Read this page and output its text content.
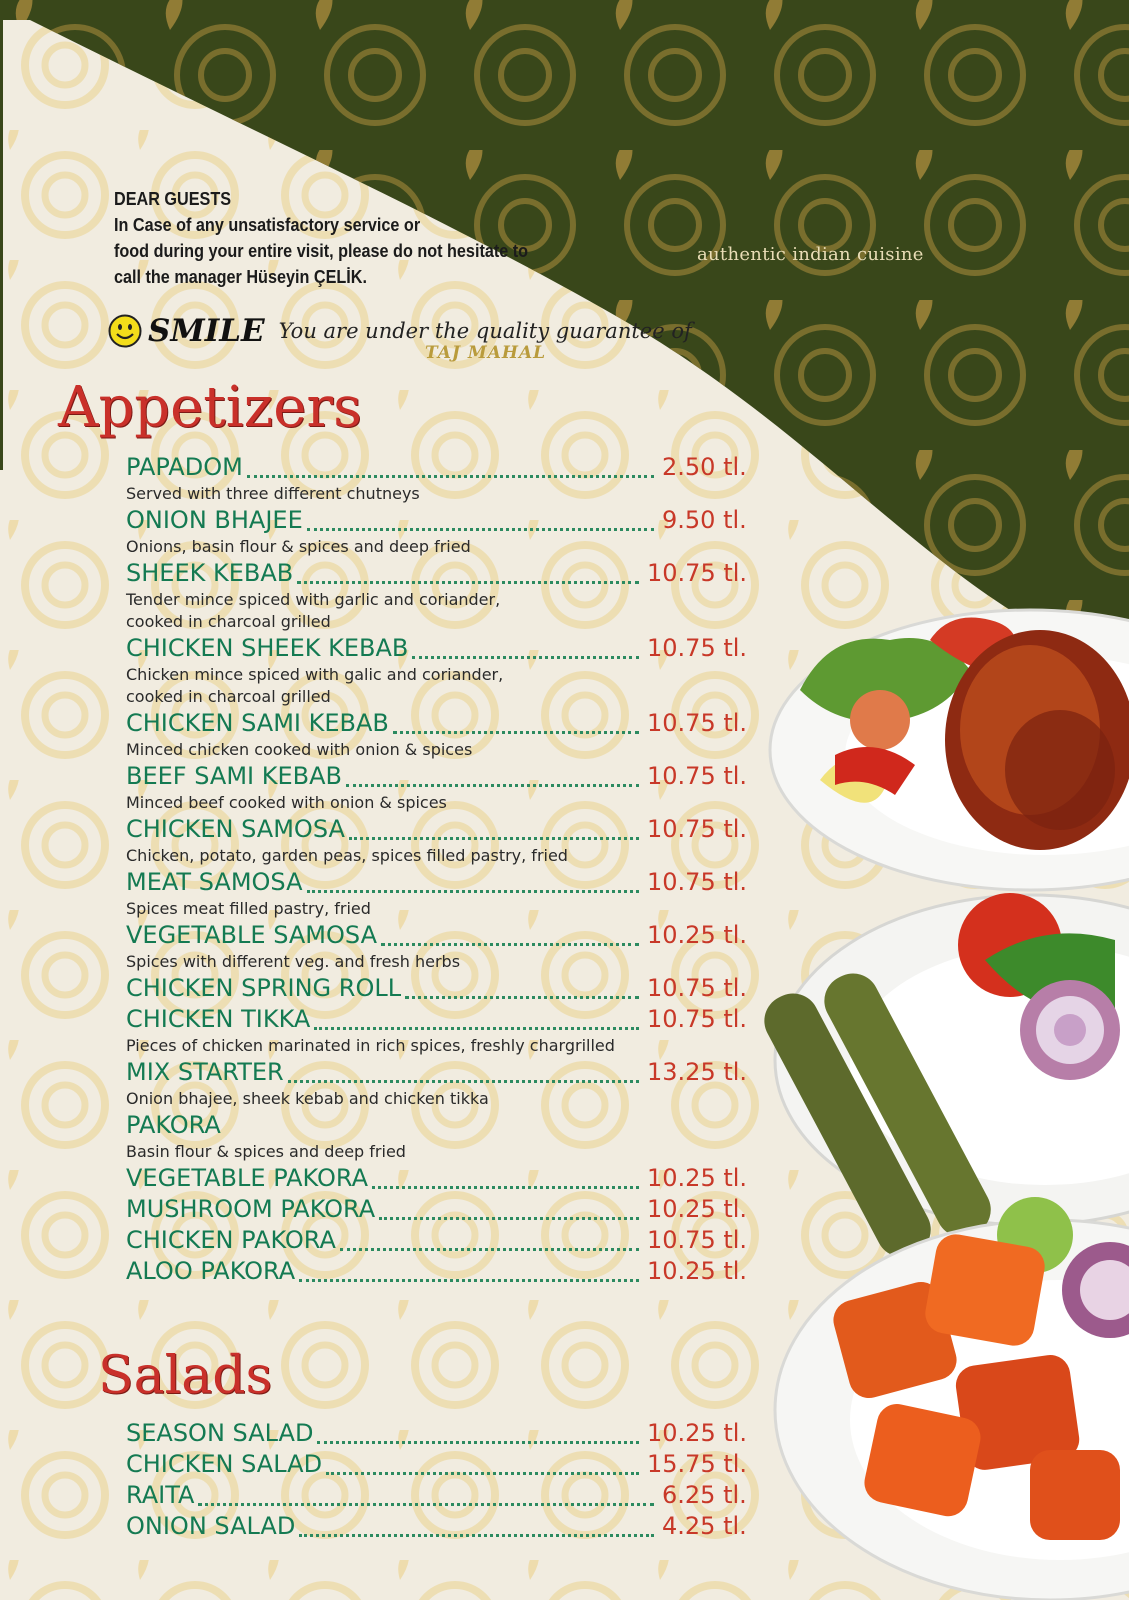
DEAR GUESTS
In Case of any unsatisfactory service or
food during your entire visit, please do not hesitate to
call the manager Hüseyin ÇELİK.
authentic indian cuisine
SMILE You are under the quality guarantee of
TAJ MAHAL
Appetizers
PAPADOM	2.50 tl.
Served with three different chutneys
ONION BHAJEE	9.50 tl.
Onions, basin flour & spices and deep fried
SHEEK KEBAB	10.75 tl.
Tender mince spiced with garlic and coriander,
cooked in charcoal grilled
CHICKEN SHEEK KEBAB	10.75 tl.
Chicken mince spiced with galic and coriander,
cooked in charcoal grilled
CHICKEN SAMI KEBAB	10.75 tl.
Minced chicken cooked with onion & spices
BEEF SAMI KEBAB	10.75 tl.
Minced beef cooked with onion & spices
CHICKEN SAMOSA	10.75 tl.
Chicken, potato, garden peas, spices filled pastry, fried
MEAT SAMOSA	10.75 tl.
Spices meat filled pastry, fried
VEGETABLE SAMOSA	10.25 tl.
Spices with different veg. and fresh herbs
CHICKEN SPRING ROLL	10.75 tl.
CHICKEN TIKKA	10.75 tl.
Pieces of chicken marinated in rich spices, freshly chargrilled
MIX STARTER	13.25 tl.
Onion bhajee, sheek kebab and chicken tikka
PAKORA
Basin flour & spices and deep fried
VEGETABLE PAKORA	10.25 tl.
MUSHROOM PAKORA	10.25 tl.
CHICKEN PAKORA	10.75 tl.
ALOO PAKORA	10.25 tl.
Salads
SEASON SALAD	10.25 tl.
CHICKEN SALAD	15.75 tl.
RAITA	6.25 tl.
ONION SALAD	4.25 tl.
